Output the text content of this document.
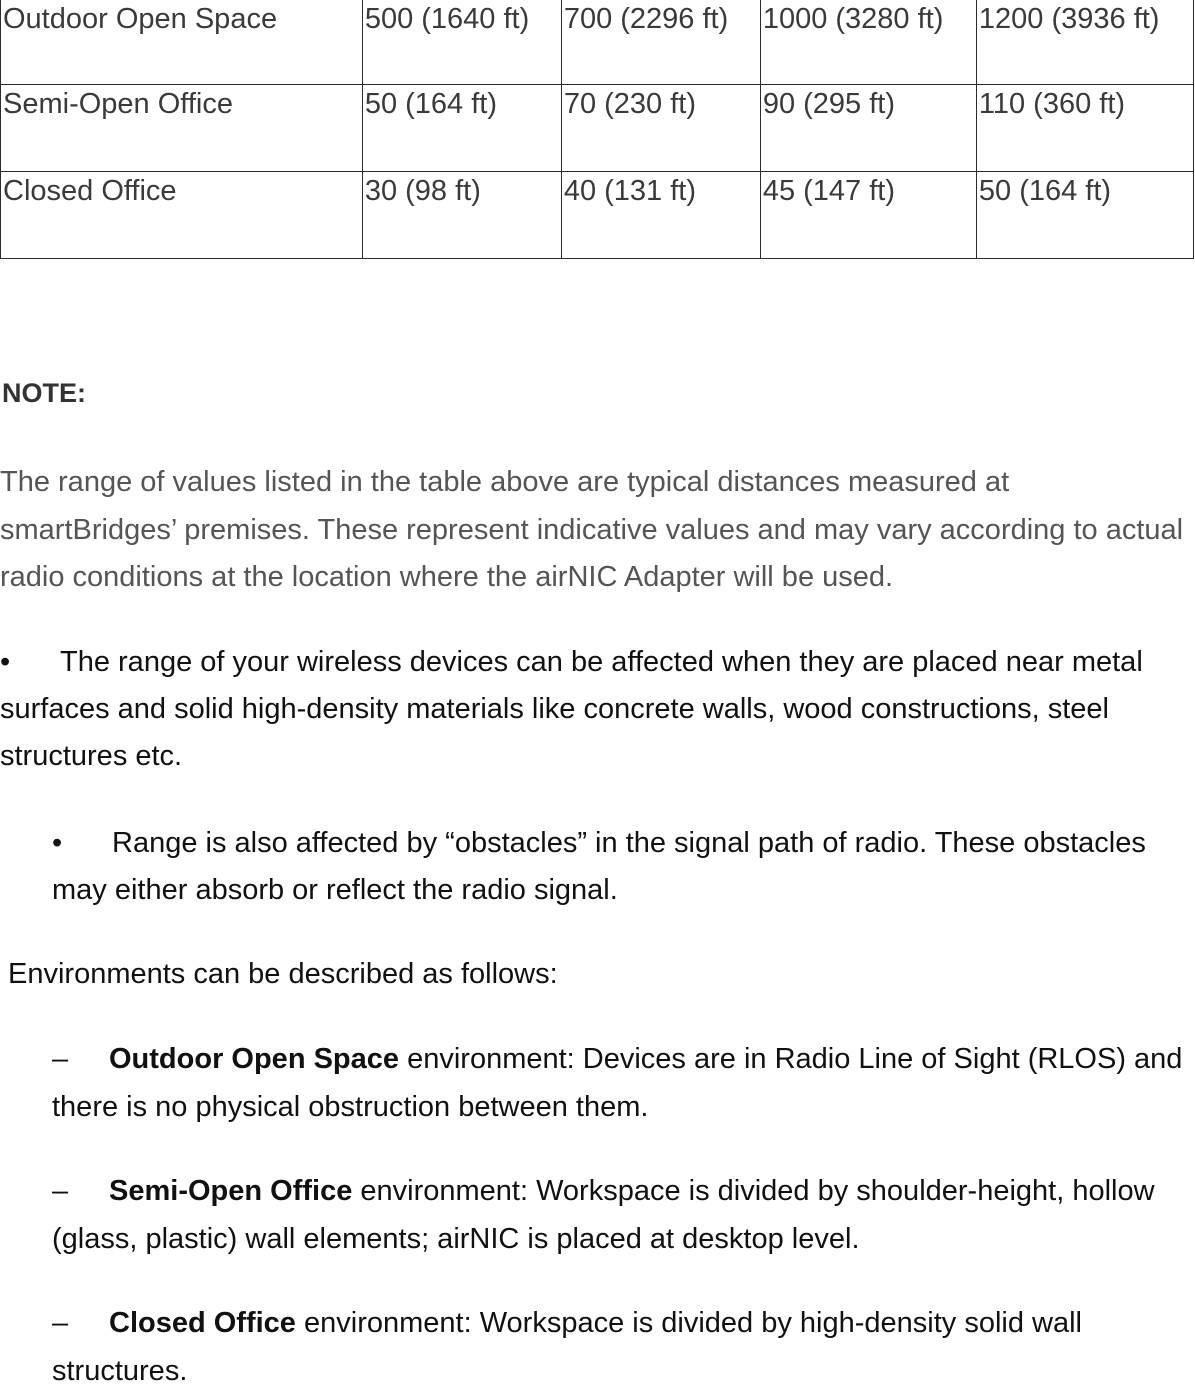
Outdoor Open Space	500 (1640 ft)	700 (2296 ft)	1000 (3280 ft)	1200 (3936 ft)
Semi-Open Office	50 (164 ft)	70 (230 ft)	90 (295 ft)	110 (360 ft)
Closed Office	30 (98 ft)	40 (131 ft)	45 (147 ft)	50 (164 ft)

NOTE:

The range of values listed in the table above are typical distances measured at smartBridges’ premises. These represent indicative values and may vary according to actual radio conditions at the location where the airNIC Adapter will be used.

• The range of your wireless devices can be affected when they are placed near metal surfaces and solid high-density materials like concrete walls, wood constructions, steel structures etc.

• Range is also affected by “obstacles” in the signal path of radio. These obstacles may either absorb or reflect the radio signal.

Environments can be described as follows:

– Outdoor Open Space environment: Devices are in Radio Line of Sight (RLOS) and there is no physical obstruction between them.

– Semi-Open Office environment: Workspace is divided by shoulder-height, hollow (glass, plastic) wall elements; airNIC is placed at desktop level.

– Closed Office environment: Workspace is divided by high-density solid wall structures.
